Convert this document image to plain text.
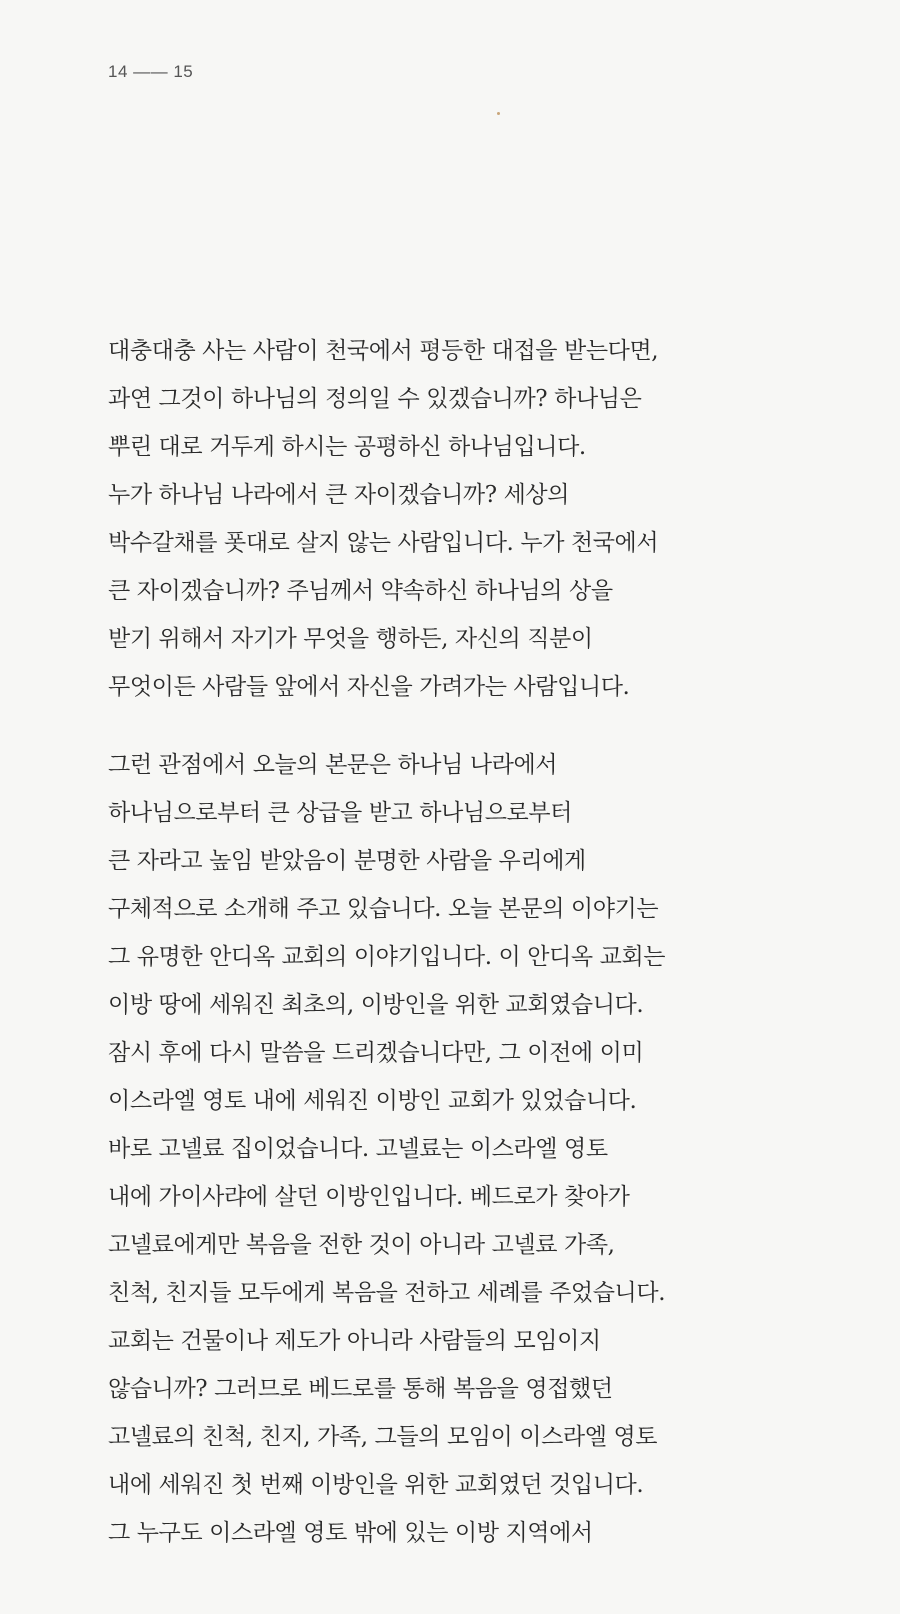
14 —— 15
대충대충 사는 사람이 천국에서 평등한 대접을 받는다면,
과연 그것이 하나님의 정의일 수 있겠습니까? 하나님은
뿌린 대로 거두게 하시는 공평하신 하나님입니다.
누가 하나님 나라에서 큰 자이겠습니까? 세상의
박수갈채를 폿대로 살지 않는 사람입니다. 누가 천국에서
큰 자이겠습니까? 주님께서 약속하신 하나님의 상을
받기 위해서 자기가 무엇을 행하든, 자신의 직분이
무엇이든 사람들 앞에서 자신을 가려가는 사람입니다.
그런 관점에서 오늘의 본문은 하나님 나라에서
하나님으로부터 큰 상급을 받고 하나님으로부터
큰 자라고 높임 받았음이 분명한 사람을 우리에게
구체적으로 소개해 주고 있습니다. 오늘 본문의 이야기는
그 유명한 안디옥 교회의 이야기입니다. 이 안디옥 교회는
이방 땅에 세워진 최초의, 이방인을 위한 교회였습니다.
잠시 후에 다시 말씀을 드리겠습니다만, 그 이전에 이미
이스라엘 영토 내에 세워진 이방인 교회가 있었습니다.
바로 고넬료 집이었습니다. 고넬료는 이스라엘 영토
내에 가이사랴에 살던 이방인입니다. 베드로가 찾아가
고넬료에게만 복음을 전한 것이 아니라 고넬료 가족,
친척, 친지들 모두에게 복음을 전하고 세례를 주었습니다.
교회는 건물이나 제도가 아니라 사람들의 모임이지
않습니까? 그러므로 베드로를 통해 복음을 영접했던
고넬료의 친척, 친지, 가족, 그들의 모임이 이스라엘 영토
내에 세워진 첫 번째 이방인을 위한 교회였던 것입니다.
그 누구도 이스라엘 영토 밖에 있는 이방 지역에서
